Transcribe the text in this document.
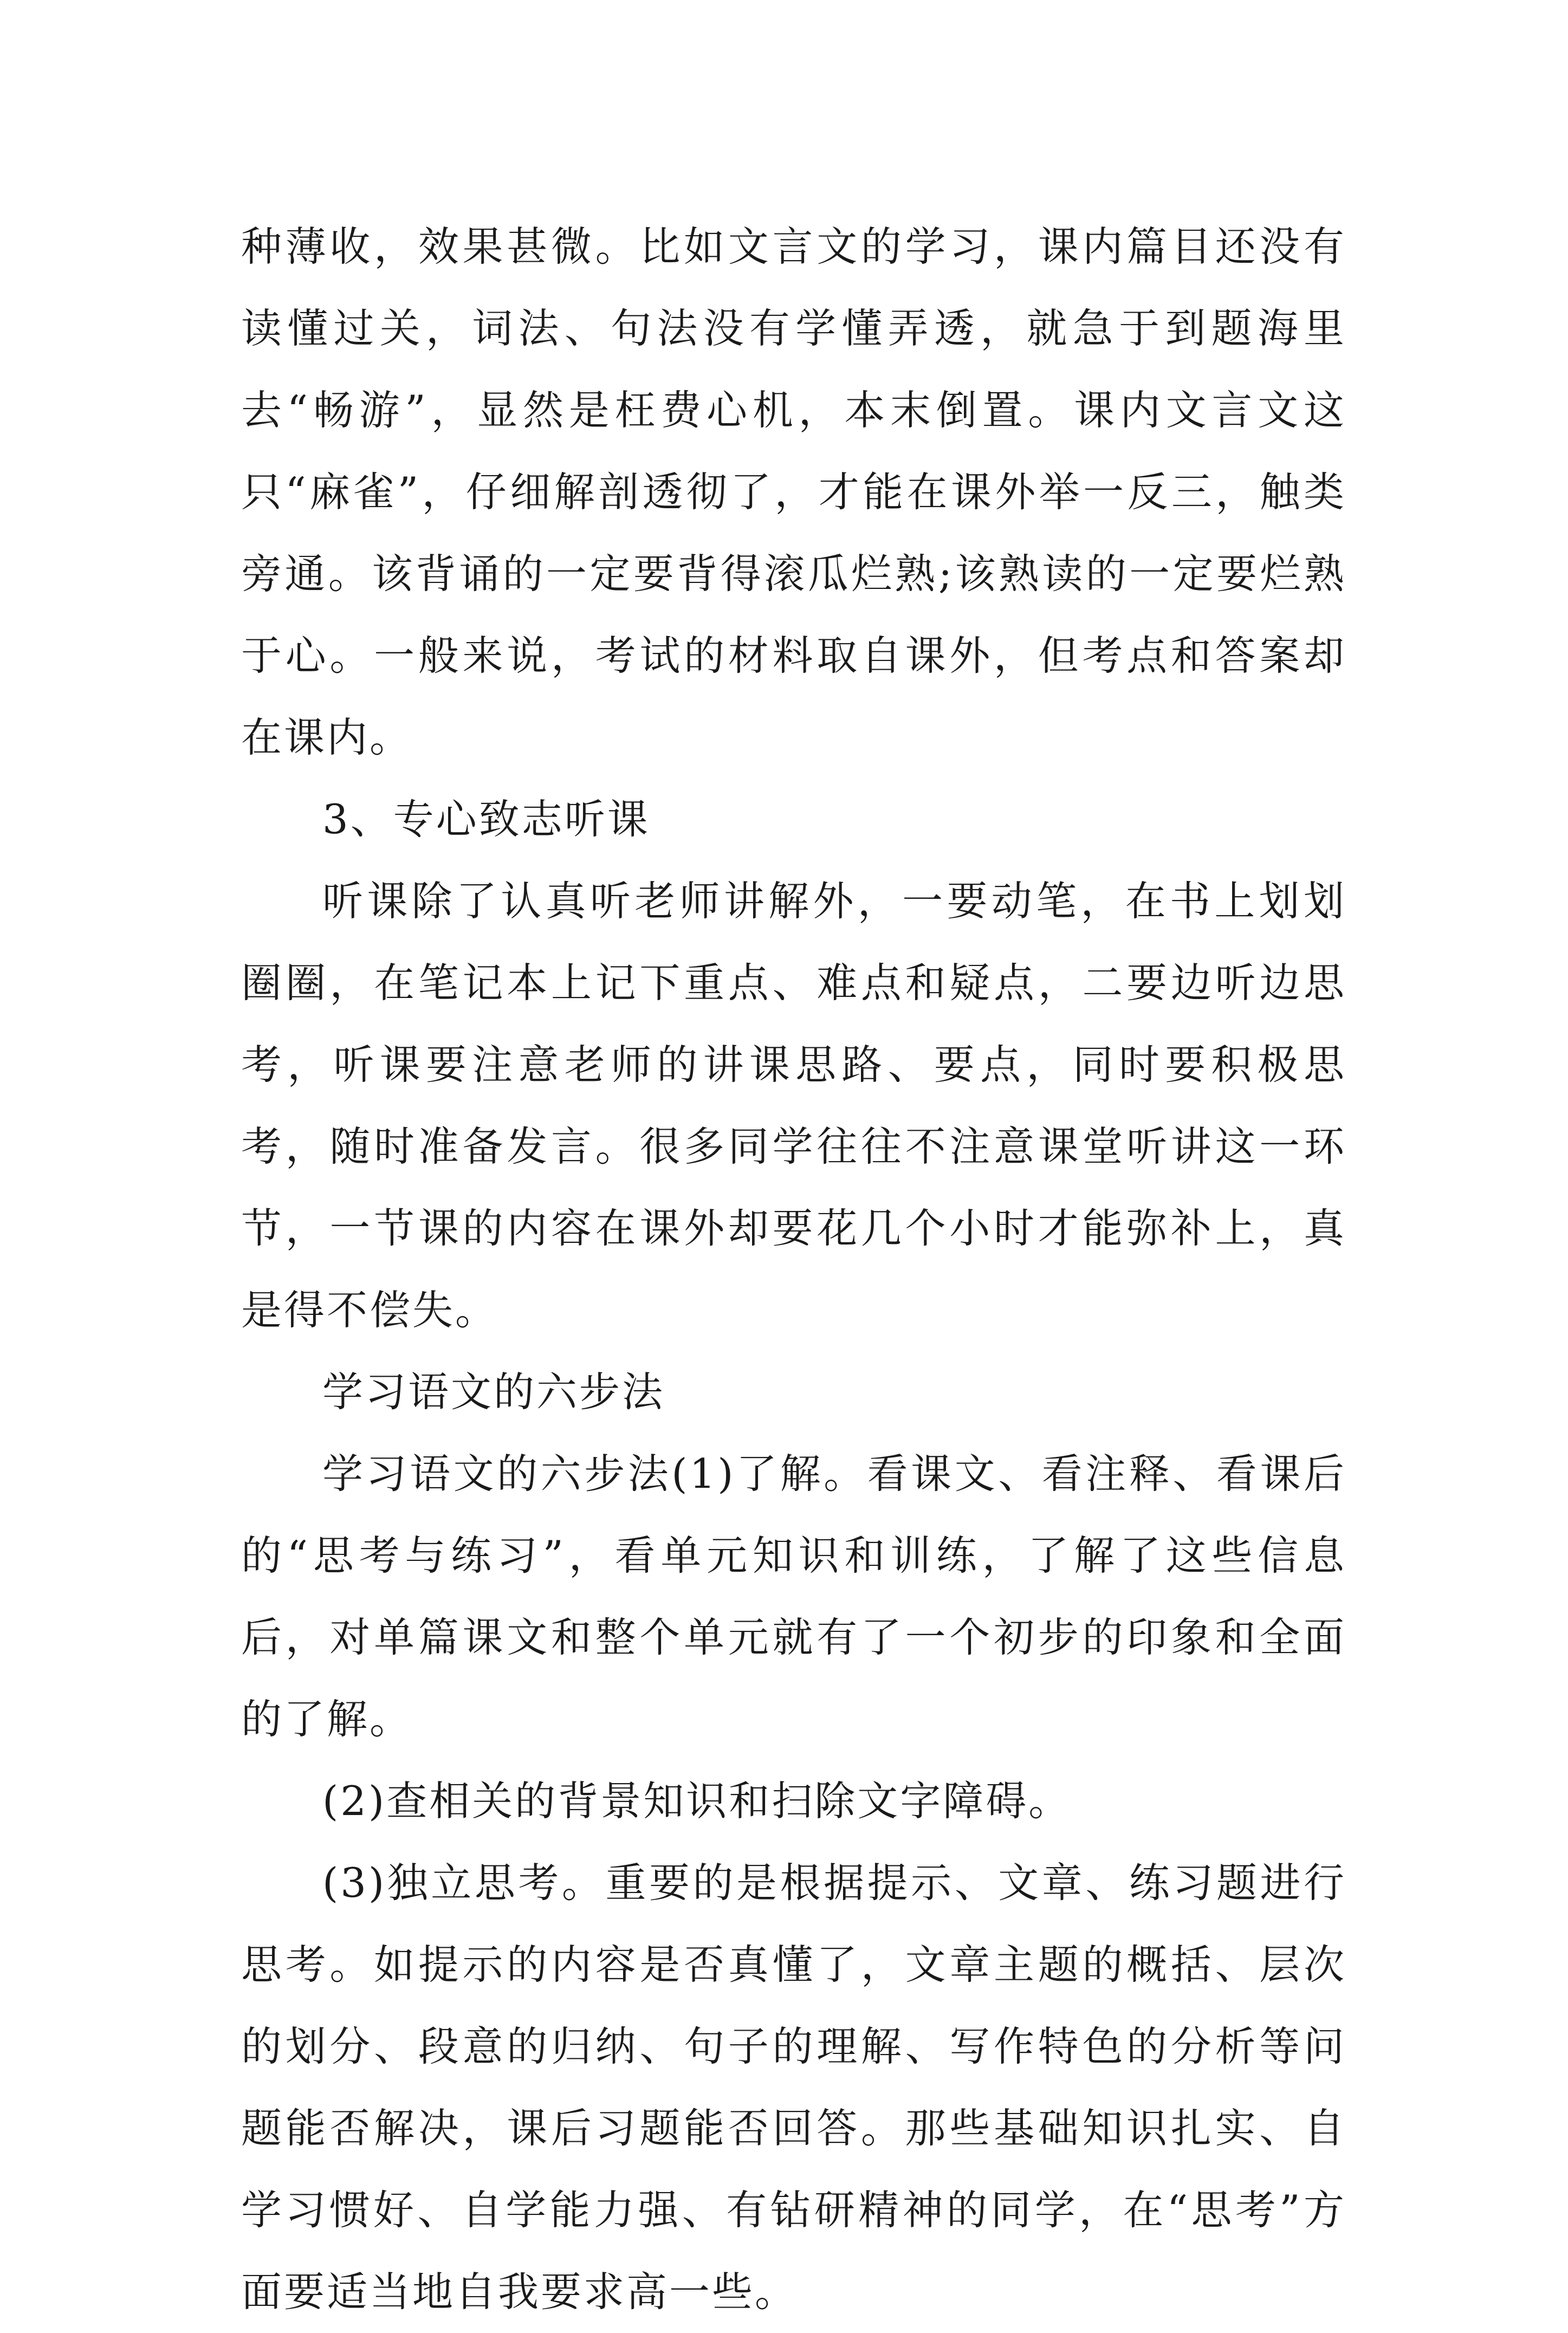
种薄收，效果甚微。比如文言文的学习，课内篇目还没有读懂过关，词法、句法没有学懂弄透，就急于到题海里去“畅游”，显然是枉费心机，本末倒置。课内文言文这只“麻雀”，仔细解剖透彻了，才能在课外举一反三，触类旁通。该背诵的一定要背得滚瓜烂熟;该熟读的一定要烂熟于心。一般来说，考试的材料取自课外，但考点和答案却在课内。

3、专心致志听课

听课除了认真听老师讲解外，一要动笔，在书上划划圈圈，在笔记本上记下重点、难点和疑点，二要边听边思考，听课要注意老师的讲课思路、要点，同时要积极思考，随时准备发言。很多同学往往不注意课堂听讲这一环节，一节课的内容在课外却要花几个小时才能弥补上，真是得不偿失。

学习语文的六步法

学习语文的六步法(1)了解。看课文、看注释、看课后的“思考与练习”，看单元知识和训练，了解了这些信息后，对单篇课文和整个单元就有了一个初步的印象和全面的了解。

(2)查相关的背景知识和扫除文字障碍。

(3)独立思考。重要的是根据提示、文章、练习题进行思考。如提示的内容是否真懂了，文章主题的概括、层次的划分、段意的归纳、句子的理解、写作特色的分析等问题能否解决，课后习题能否回答。那些基础知识扎实、自学习惯好、自学能力强、有钻研精神的同学，在“思考”方面要适当地自我要求高一些。
